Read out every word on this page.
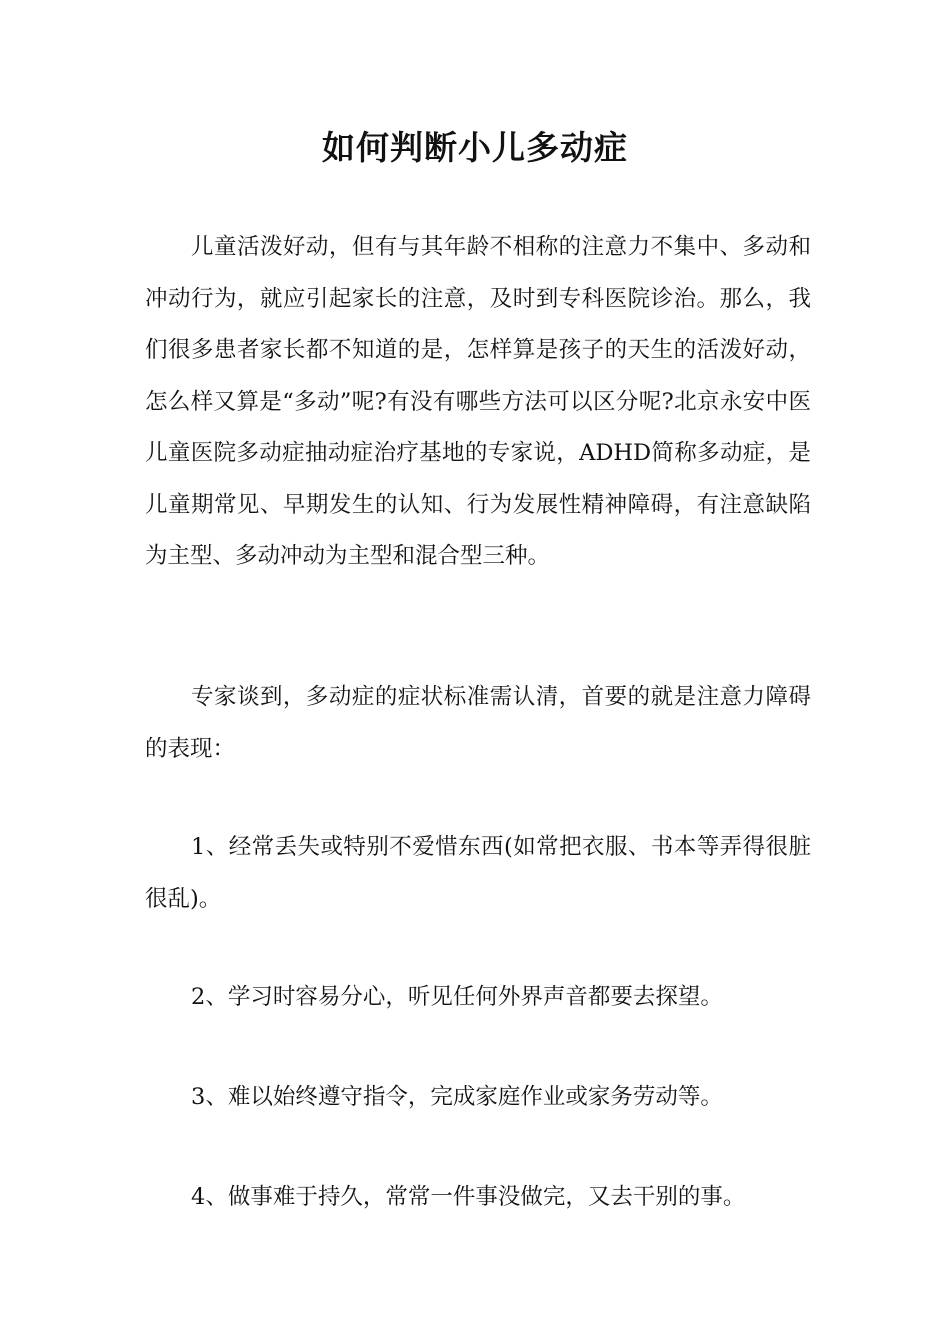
如何判断小儿多动症

儿童活泼好动，但有与其年龄不相称的注意力不集中、多动和冲动行为，就应引起家长的注意，及时到专科医院诊治。那么，我们很多患者家长都不知道的是，怎样算是孩子的天生的活泼好动，怎么样又算是“多动”呢?有没有哪些方法可以区分呢?北京永安中医儿童医院多动症抽动症治疗基地的专家说，ADHD简称多动症，是儿童期常见、早期发生的认知、行为发展性精神障碍，有注意缺陷为主型、多动冲动为主型和混合型三种。

专家谈到，多动症的症状标准需认清，首要的就是注意力障碍的表现：

1、经常丢失或特别不爱惜东西(如常把衣服、书本等弄得很脏很乱)。

2、学习时容易分心，听见任何外界声音都要去探望。

3、难以始终遵守指令，完成家庭作业或家务劳动等。

4、做事难于持久，常常一件事没做完，又去干别的事。
